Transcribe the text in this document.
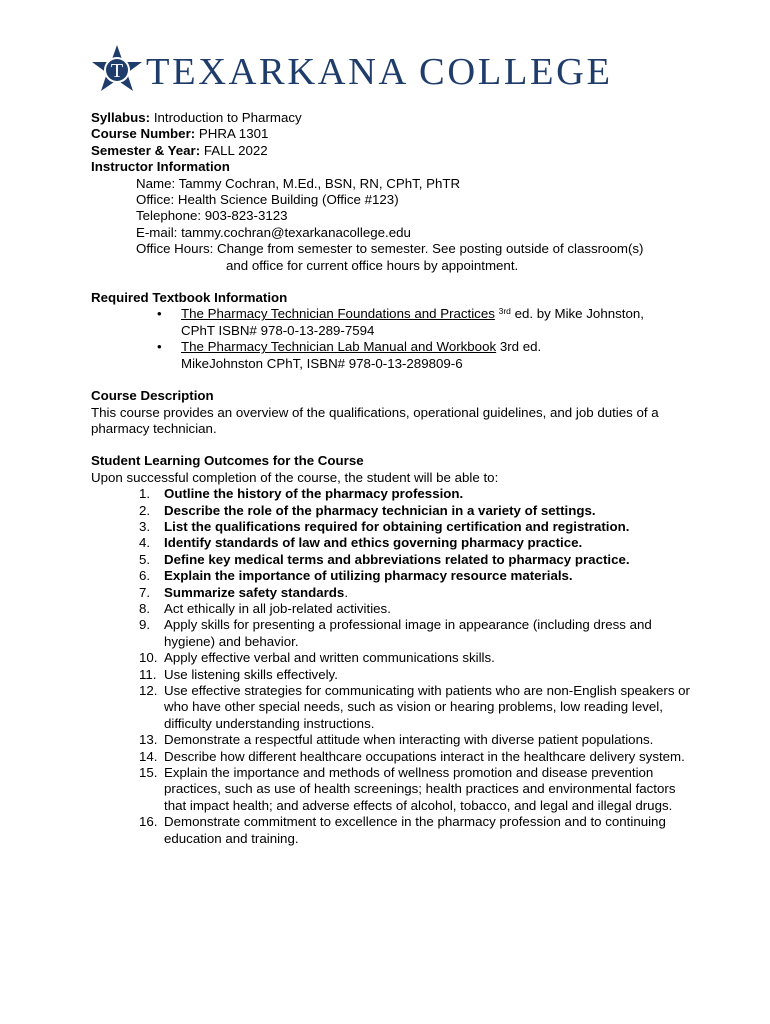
T TEXARKANA COLLEGE
Syllabus: Introduction to Pharmacy
Course Number: PHRA 1301
Semester & Year: FALL 2022
Instructor Information
Name: Tammy Cochran, M.Ed., BSN, RN, CPhT, PhTR
Office: Health Science Building (Office #123)
Telephone: 903-823-3123
E-mail: tammy.cochran@texarkanacollege.edu
Office Hours: Change from semester to semester. See posting outside of classroom(s)
and office for current office hours by appointment.
Required Textbook Information
• The Pharmacy Technician Foundations and Practices $^{3rd}$ ed. by Mike Johnston,
CPhT ISBN# 978-0-13-289-7594
• The Pharmacy Technician Lab Manual and Workbook 3rd ed.
MikeJohnston CPhT, ISBN# 978-0-13-289809-6
Course Description
This course provides an overview of the qualifications, operational guidelines, and job duties of a pharmacy technician.
Student Learning Outcomes for the Course
Upon successful completion of the course, the student will be able to:
1.	Outline the history of the pharmacy profession.
2.	Describe the role of the pharmacy technician in a variety of settings.
3.	List the qualifications required for obtaining certification and registration.
4.	Identify standards of law and ethics governing pharmacy practice.
5.	Define key medical terms and abbreviations related to pharmacy practice.
6.	Explain the importance of utilizing pharmacy resource materials.
7.	Summarize safety standards.
8.	Act ethically in all job-related activities.
9.	Apply skills for presenting a professional image in appearance (including dress and hygiene) and behavior.
10. Apply effective verbal and written communications skills.
11. Use listening skills effectively.
12. Use effective strategies for communicating with patients who are non-English speakers or who have other special needs, such as vision or hearing problems, low reading level, difficulty understanding instructions.
13. Demonstrate a respectful attitude when interacting with diverse patient populations.
14. Describe how different healthcare occupations interact in the healthcare delivery system.
15. Explain the importance and methods of wellness promotion and disease prevention practices, such as use of health screenings; health practices and environmental factors that impact health; and adverse effects of alcohol, tobacco, and legal and illegal drugs.
16. Demonstrate commitment to excellence in the pharmacy profession and to continuing education and training.
